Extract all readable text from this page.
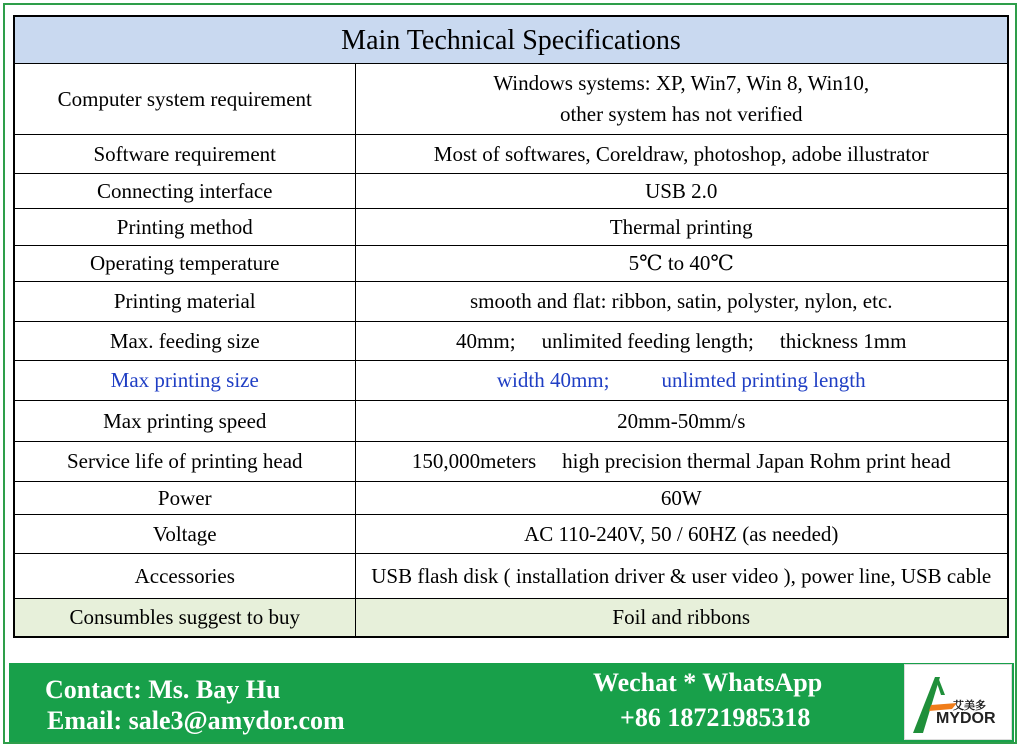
Main Technical Specifications	
Computer system requirement	Windows systems: XP, Win7, Win 8, Win10,
other system has not verified

Software requirement	Most of softwares, Coreldraw, photoshop, adobe illustrator
Connecting interface	USB 2.0
Printing method	Thermal printing
Operating temperature	5℃ to 40℃
Printing material	smooth and flat: ribbon, satin, polyster, nylon, etc.
Max. feeding size	40mm; unlimited feeding length; thickness 1mm
Max printing size	width 40mm; unlimted printing length
Max printing speed	20mm-50mm/s
Service life of printing head	150,000meters high precision thermal Japan Rohm print head
Power	60W
Voltage	AC 110-240V, 50 / 60HZ (as needed)
Accessories	USB flash disk ( installation driver & user video ), power line, USB cable
Consumbles suggest to buy	Foil and ribbons
Contact: Ms. Bay Hu
Email: sale3@amydor.com
Wechat * WhatsApp
+86 18721985318	艾美多
MYDOR
